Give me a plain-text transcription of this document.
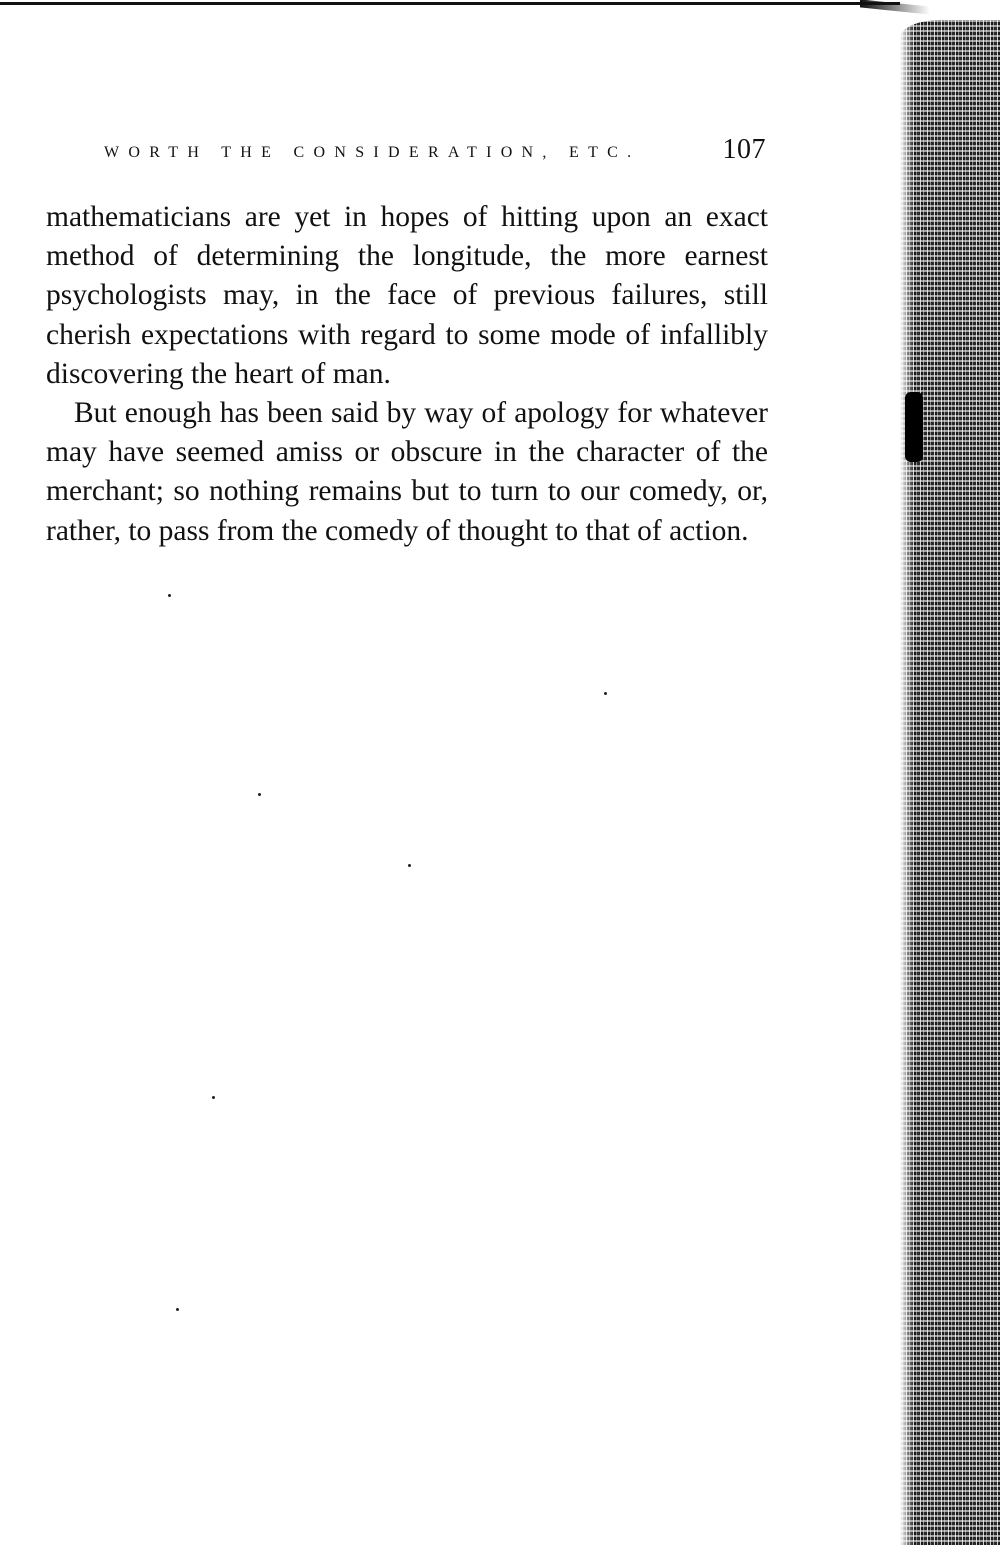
WORTH THE CONSIDERATION, ETC.	107

mathematicians are yet in hopes of hitting upon an exact method of determining the longitude, the more earnest psychologists may, in the face of previous failures, still cherish expectations with regard to some mode of infallibly discovering the heart of man.

But enough has been said by way of apology for whatever may have seemed amiss or obscure in the character of the merchant; so nothing remains but to turn to our comedy, or, rather, to pass from the comedy of thought to that of action.
